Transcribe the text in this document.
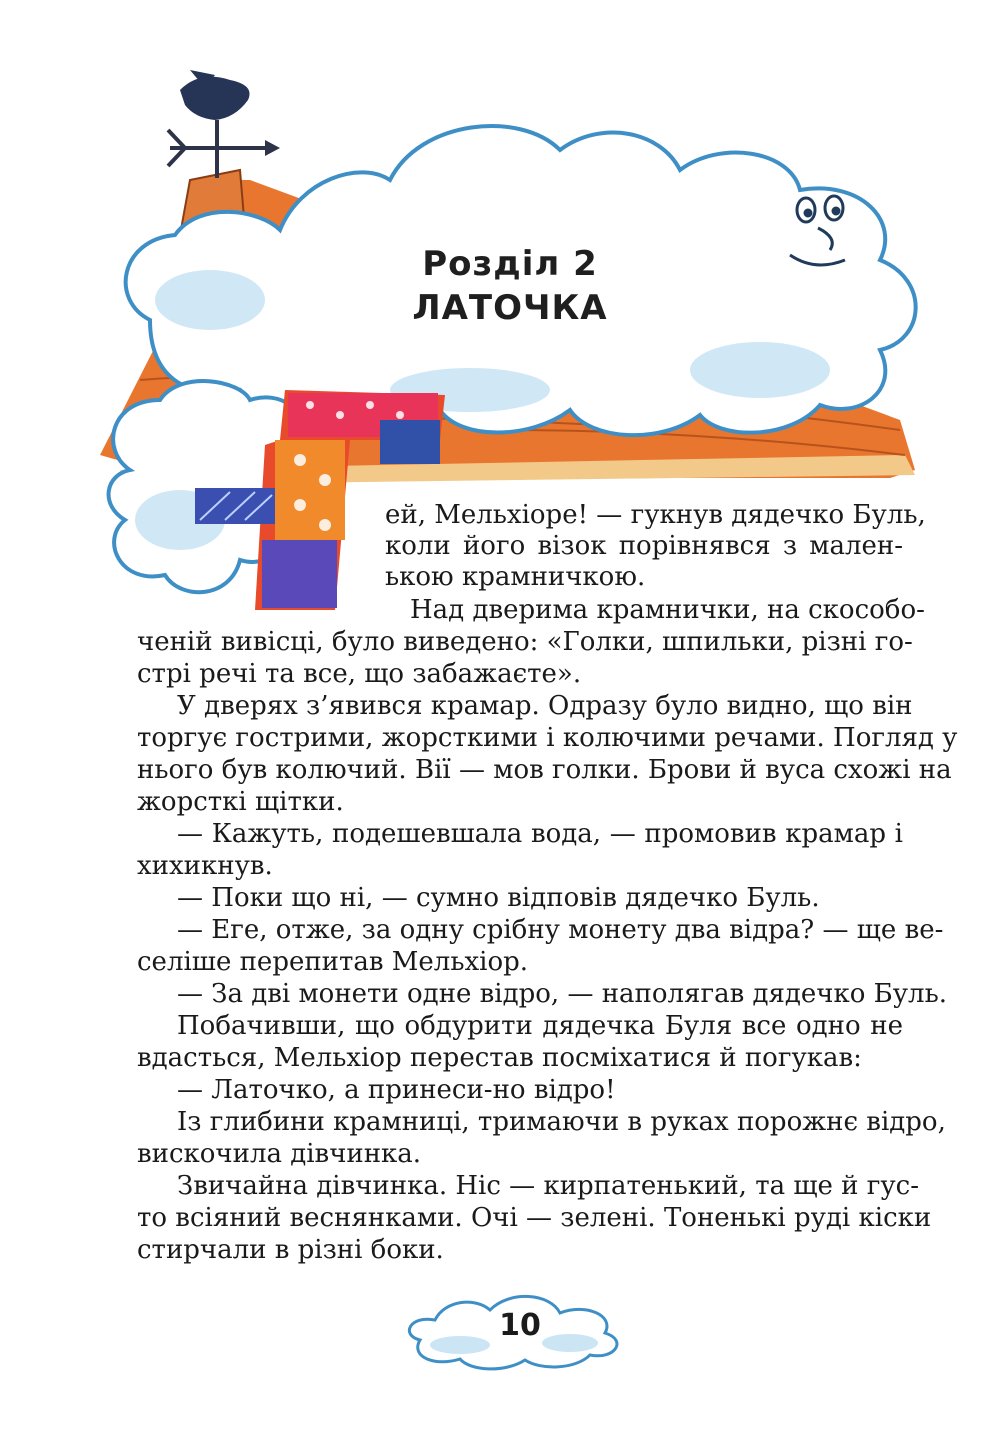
Розділ 2
ЛАТОЧКА
ей, Мельхіоре! — гукнув дядечко Буль,
коли його візок порівнявся з мален-
ькою крамничкою.
Над дверима крамнички, на скособо-
ченій вивісці, було виведено: «Голки, шпильки, різні го-
стрі речі та все, що забажаєте».
У дверях з’явився крамар. Одразу було видно, що він
торгує гострими, жорсткими і колючими речами. Погляд у
нього був колючий. Вії — мов голки. Брови й вуса схожі на
жорсткі щітки.
— Кажуть, подешевшала вода, — промовив крамар і
хихикнув.
— Поки що ні, — сумно відповів дядечко Буль.
— Еге, отже, за одну срібну монету два відра? — ще ве-
селіше перепитав Мельхіор.
— За дві монети одне відро, — наполягав дядечко Буль.
Побачивши, що обдурити дядечка Буля все одно не
вдасться, Мельхіор перестав посміхатися й погукав:
— Латочко, а принеси-но відро!
Із глибини крамниці, тримаючи в руках порожнє відро,
вискочила дівчинка.
Звичайна дівчинка. Ніс — кирпатенький, та ще й гус-
то всіяний веснянками. Очі — зелені. Тоненькі руді кіски
стирчали в різні боки.
10
